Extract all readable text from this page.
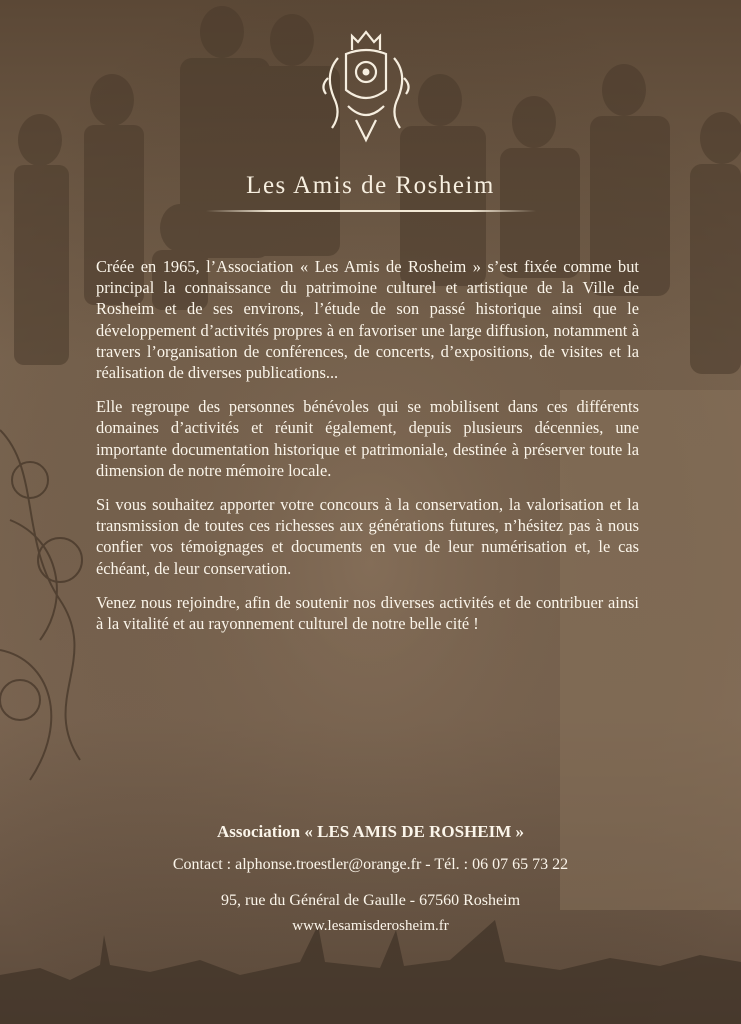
Les Amis de Rosheim

Créée en 1965, l’Association « Les Amis de Rosheim » s’est fixée comme but principal la connaissance du patrimoine culturel et artistique de la Ville de Rosheim et de ses environs, l’étude de son passé historique ainsi que le développement d’activités propres à en favoriser une large diffusion, notamment à travers l’organisation de conférences, de concerts, d’expositions, de visites et la réalisation de diverses publications...

Elle regroupe des personnes bénévoles qui se mobilisent dans ces différents domaines d’activités et réunit également, depuis plusieurs décennies, une importante documentation historique et patrimoniale, destinée à préserver toute la dimension de notre mémoire locale.

Si vous souhaitez apporter votre concours à la conservation, la valorisation et la transmission de toutes ces richesses aux générations futures, n’hésitez pas à nous confier vos témoignages et documents en vue de leur numérisation et, le cas échéant, de leur conservation.

Venez nous rejoindre, afin de soutenir nos diverses activités et de contribuer ainsi à la vitalité et au rayonnement culturel de notre belle cité !

Association « LES AMIS DE ROSHEIM »
Contact : alphonse.troestler@orange.fr - Tél. : 06 07 65 73 22
95, rue du Général de Gaulle - 67560 Rosheim
www.lesamisderosheim.fr
